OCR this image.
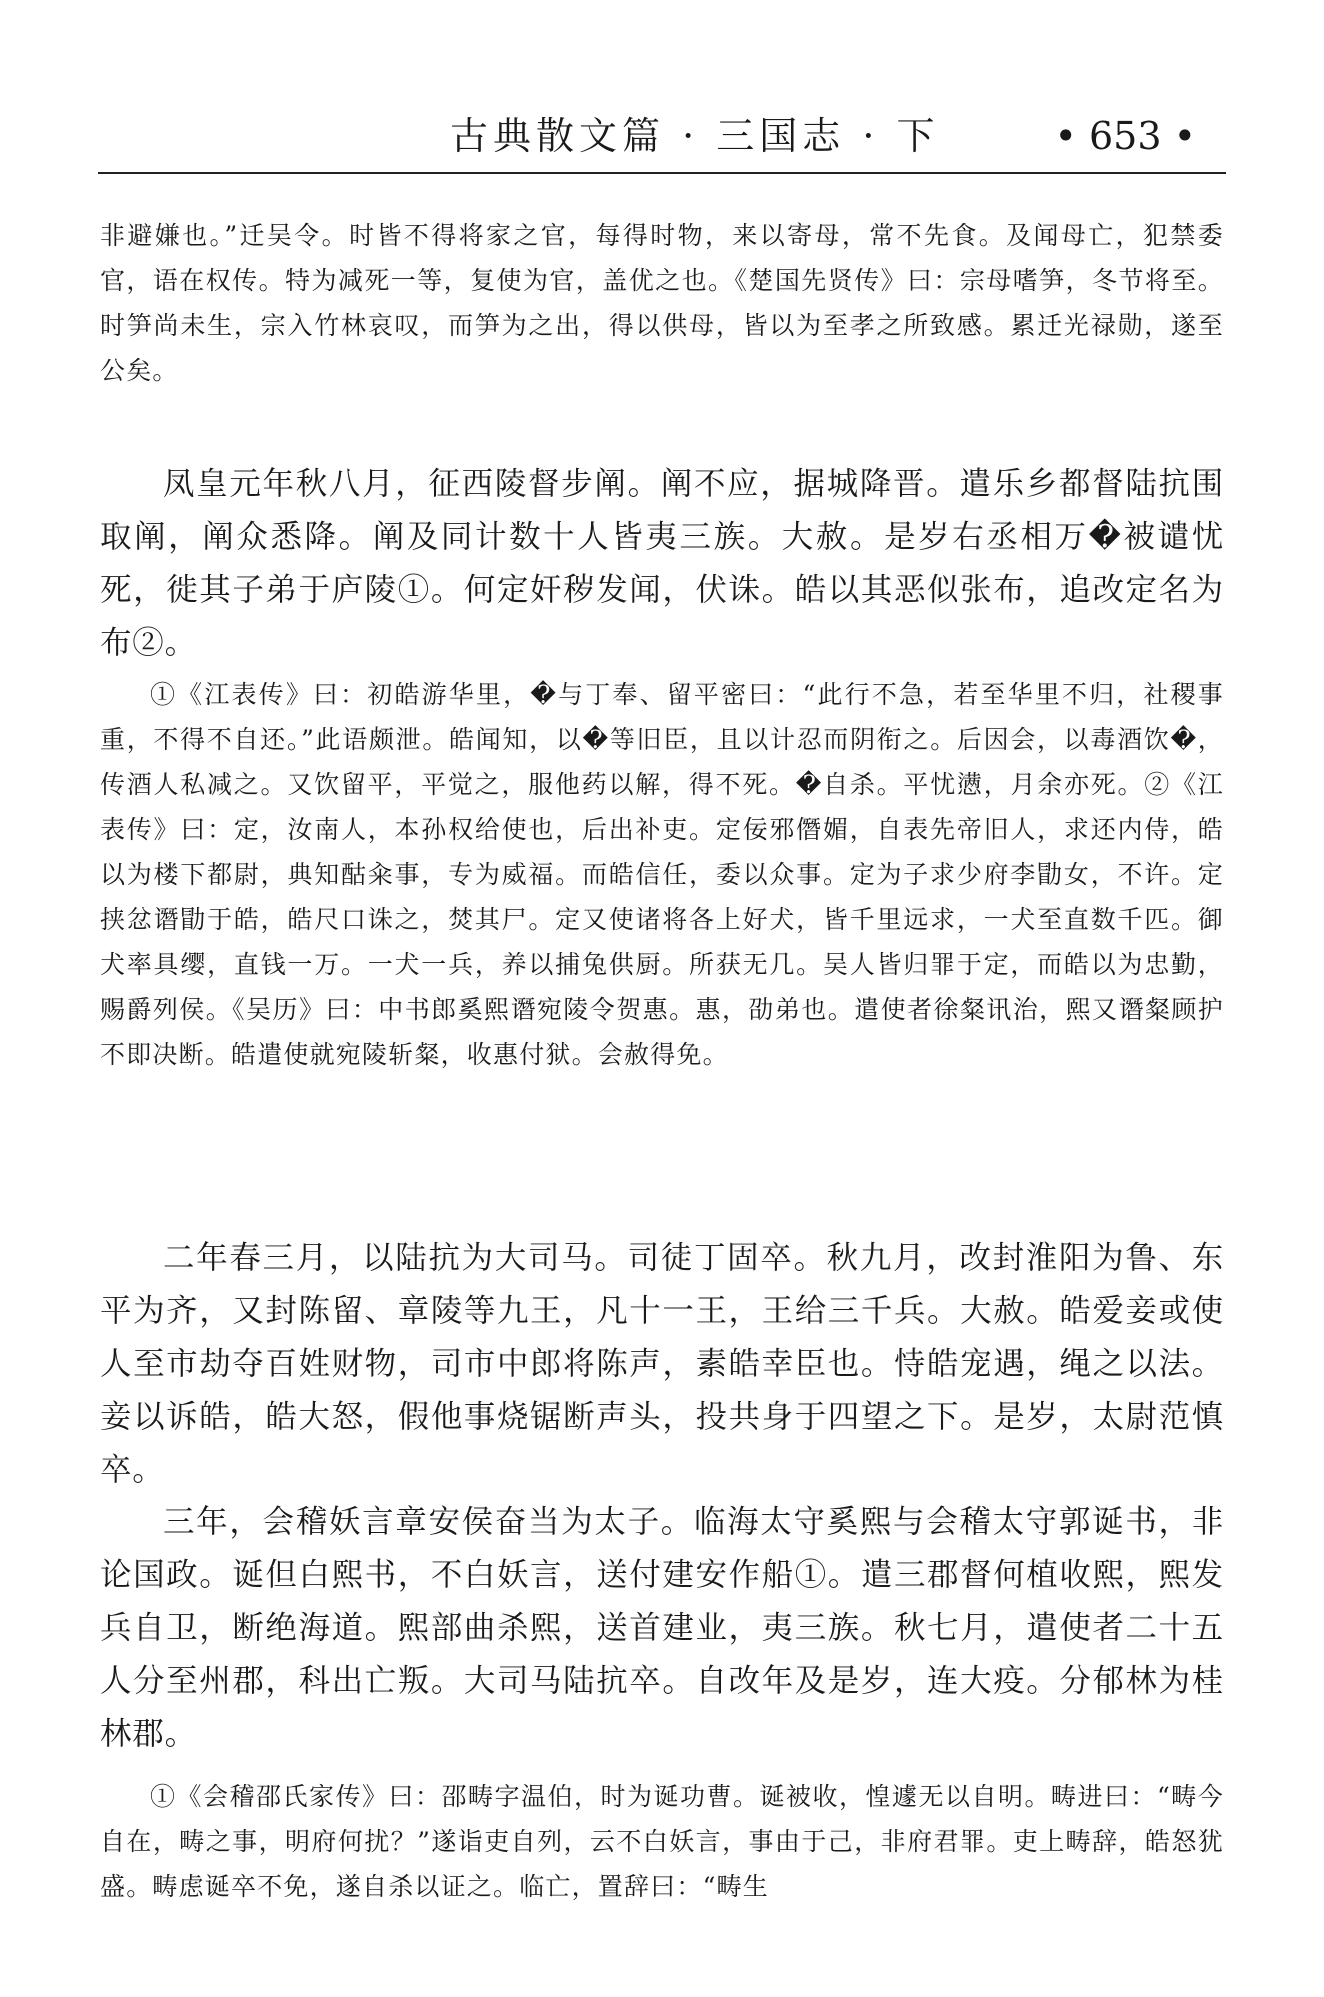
古典散文篇 · 三国志 · 下	• 653 •

非避嫌也。”迁吴令。时皆不得将家之官，每得时物，来以寄母，常不先食。及闻母亡，犯禁委官，语在权传。特为减死一等，复使为官，盖优之也。《楚国先贤传》曰：宗母嗜笋，冬节将至。时笋尚未生，宗入竹林哀叹，而笋为之出，得以供母，皆以为至孝之所致感。累迁光禄勋，遂至公矣。

凤皇元年秋八月，征西陵督步阐。阐不应，据城降晋。遣乐乡都督陆抗围取阐，阐众悉降。阐及同计数十人皆夷三族。大赦。是岁右丞相万�被谴忧死，徙其子弟于庐陵①。何定奸秽发闻，伏诛。皓以其恶似张布，追改定名为布②。

①《江表传》曰：初皓游华里，�与丁奉、留平密曰：“此行不急，若至华里不归，社稷事重，不得不自还。”此语颇泄。皓闻知，以�等旧臣，且以计忍而阴衔之。后因会，以毒酒饮�，传酒人私减之。又饮留平，平觉之，服他药以解，得不死。�自杀。平忧懑，月余亦死。②《江表传》曰：定，汝南人，本孙权给使也，后出补吏。定佞邪僭媚，自表先帝旧人，求还内侍，皓以为楼下都尉，典知酤籴事，专为威福。而皓信任，委以众事。定为子求少府李勖女，不许。定挟忿谮勖于皓，皓尺口诛之，焚其尸。定又使诸将各上好犬，皆千里远求，一犬至直数千匹。御犬率具缨，直钱一万。一犬一兵，养以捕兔供厨。所获无几。吴人皆归罪于定，而皓以为忠勤，赐爵列侯。《吴历》曰：中书郎奚熙谮宛陵令贺惠。惠，劭弟也。遣使者徐粲讯治，熙又谮粲顾护不即决断。皓遣使就宛陵斩粲，收惠付狱。会赦得免。

二年春三月，以陆抗为大司马。司徒丁固卒。秋九月，改封淮阳为鲁、东平为齐，又封陈留、章陵等九王，凡十一王，王给三千兵。大赦。皓爱妾或使人至市劫夺百姓财物，司市中郎将陈声，素皓幸臣也。恃皓宠遇，绳之以法。妾以诉皓，皓大怒，假他事烧锯断声头，投共身于四望之下。是岁，太尉范慎卒。

三年，会稽妖言章安侯奋当为太子。临海太守奚熙与会稽太守郭诞书，非论国政。诞但白熙书，不白妖言，送付建安作船①。遣三郡督何植收熙，熙发兵自卫，断绝海道。熙部曲杀熙，送首建业，夷三族。秋七月，遣使者二十五人分至州郡，科出亡叛。大司马陆抗卒。自改年及是岁，连大疫。分郁林为桂林郡。

①《会稽邵氏家传》曰：邵畴字温伯，时为诞功曹。诞被收，惶遽无以自明。畴进曰：“畴今自在，畴之事，明府何扰？”遂诣吏自列，云不白妖言，事由于己，非府君罪。吏上畴辞，皓怒犹盛。畴虑诞卒不免，遂自杀以证之。临亡，置辞曰：“畴生
